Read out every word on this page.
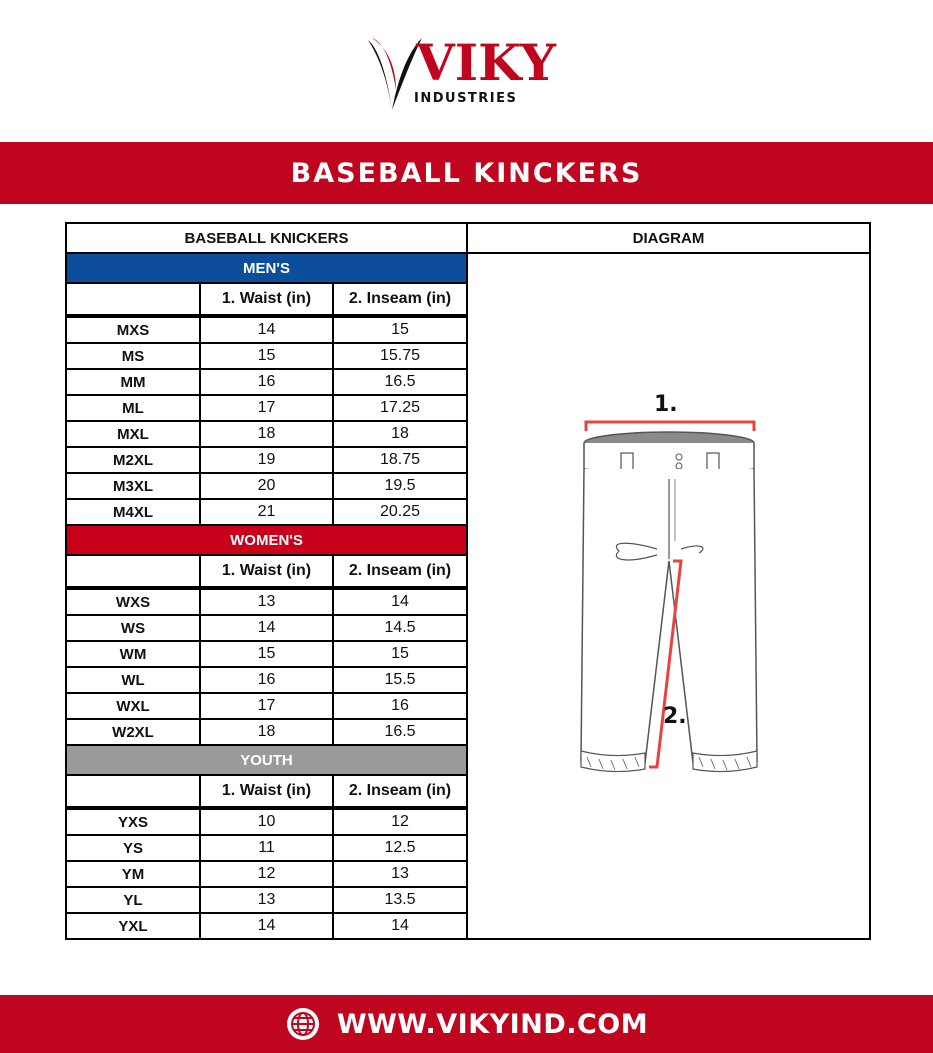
VIKY
INDUSTRIES
BASEBALL KINCKERS
BASEBALL KNICKERS			DIAGRAM
MEN'S			1.
2.

	1. Waist (in)	2. Inseam (in)	
MXS	14	15	
MS	15	15.75	
MM	16	16.5	
ML	17	17.25	
MXL	18	18	
M2XL	19	18.75	
M3XL	20	19.5	
M4XL	21	20.25	
WOMEN'S			
	1. Waist (in)	2. Inseam (in)	
WXS	13	14	
WS	14	14.5	
WM	15	15	
WL	16	15.5	
WXL	17	16	
W2XL	18	16.5	
YOUTH			
	1. Waist (in)	2. Inseam (in)	
YXS	10	12	
YS	11	12.5	
YM	12	13	
YL	13	13.5	
YXL	14	14	
WWW.VIKYIND.COM
